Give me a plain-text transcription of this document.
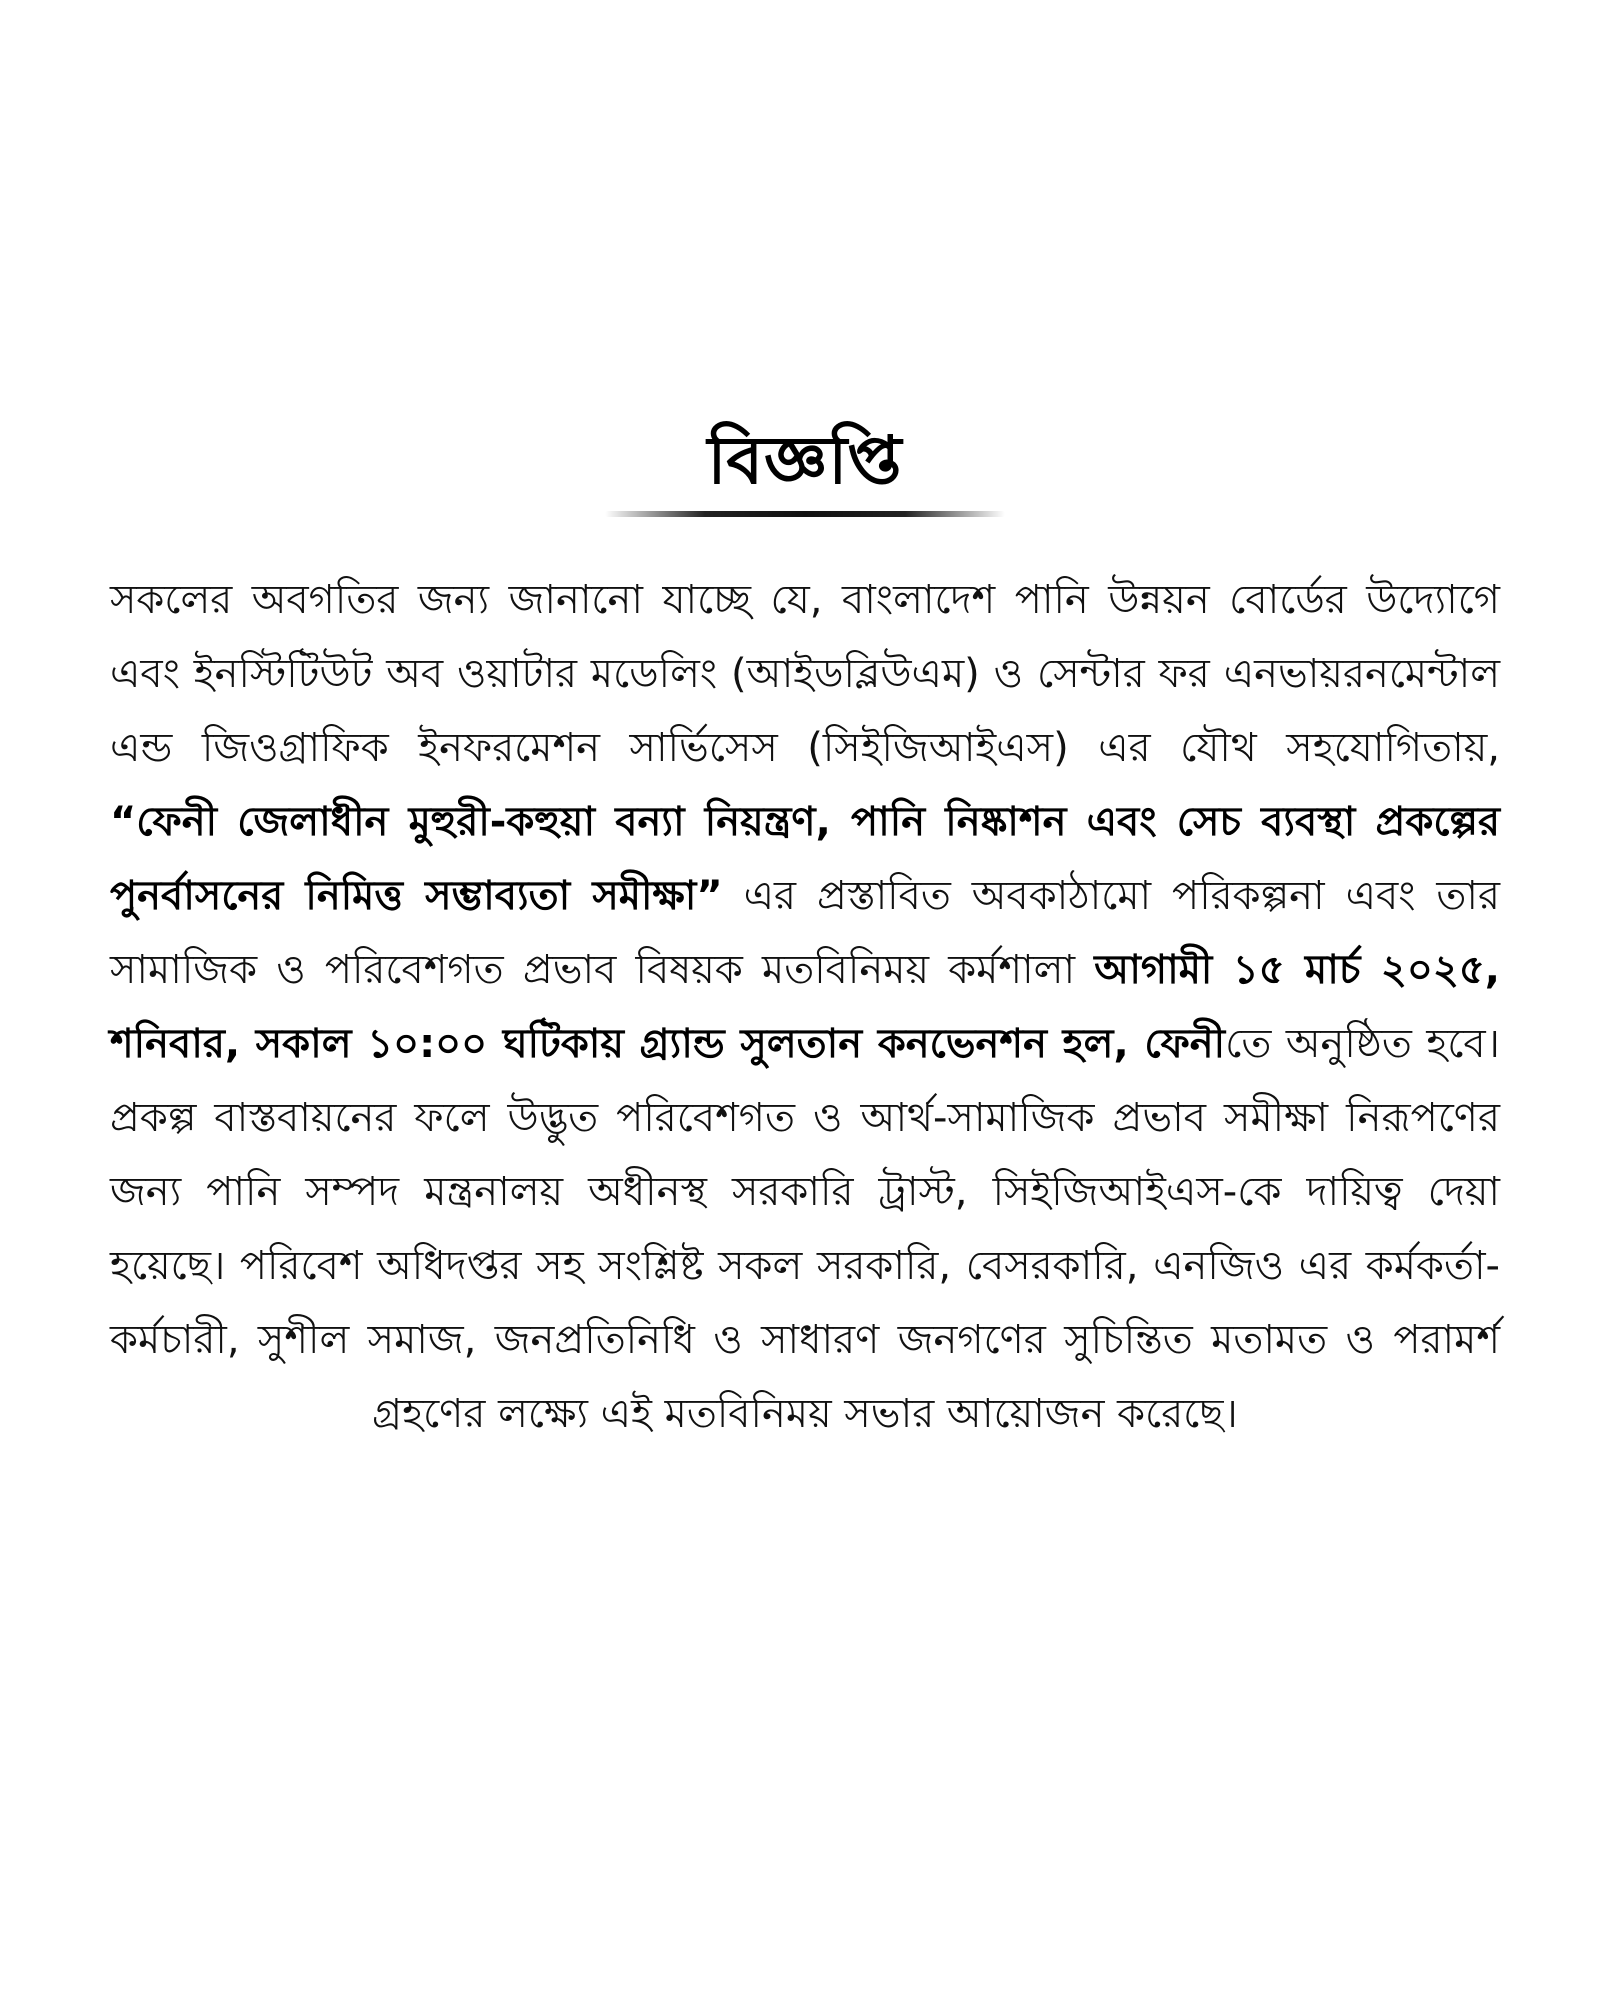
বিজ্ঞপ্তি

সকলের অবগতির জন্য জানানো যাচ্ছে যে, বাংলাদেশ পানি উন্নয়ন বোর্ডের উদ্যোগে এবং ইনস্টিটিউট অব ওয়াটার মডেলিং (আইডব্লিউএম) ও সেন্টার ফর এনভায়রনমেন্টাল এন্ড জিওগ্রাফিক ইনফরমেশন সার্ভিসেস (সিইজিআইএস) এর যৌথ সহযোগিতায়, “ফেনী জেলাধীন মুহুরী-কহুয়া বন্যা নিয়ন্ত্রণ, পানি নিষ্কাশন এবং সেচ ব্যবস্থা প্রকল্পের পুনর্বাসনের নিমিত্ত সম্ভাব্যতা সমীক্ষা” এর প্রস্তাবিত অবকাঠামো পরিকল্পনা এবং তার সামাজিক ও পরিবেশগত প্রভাব বিষয়ক মতবিনিময় কর্মশালা আগামী ১৫ মার্চ ২০২৫, শনিবার, সকাল ১০:০০ ঘটিকায় গ্র্যান্ড সুলতান কনভেনশন হল, ফেনীতে অনুষ্ঠিত হবে। প্রকল্প বাস্তবায়নের ফলে উদ্ভুত পরিবেশগত ও আর্থ-সামাজিক প্রভাব সমীক্ষা নিরূপণের জন্য পানি সম্পদ মন্ত্রনালয় অধীনস্থ সরকারি ট্রাস্ট, সিইজিআইএস-কে দায়িত্ব দেয়া হয়েছে। পরিবেশ অধিদপ্তর সহ সংশ্লিষ্ট সকল সরকারি, বেসরকারি, এনজিও এর কর্মকর্তা-কর্মচারী, সুশীল সমাজ, জনপ্রতিনিধি ও সাধারণ জনগণের সুচিন্তিত মতামত ও পরামর্শ গ্রহণের লক্ষ্যে এই মতবিনিময় সভার আয়োজন করেছে।
